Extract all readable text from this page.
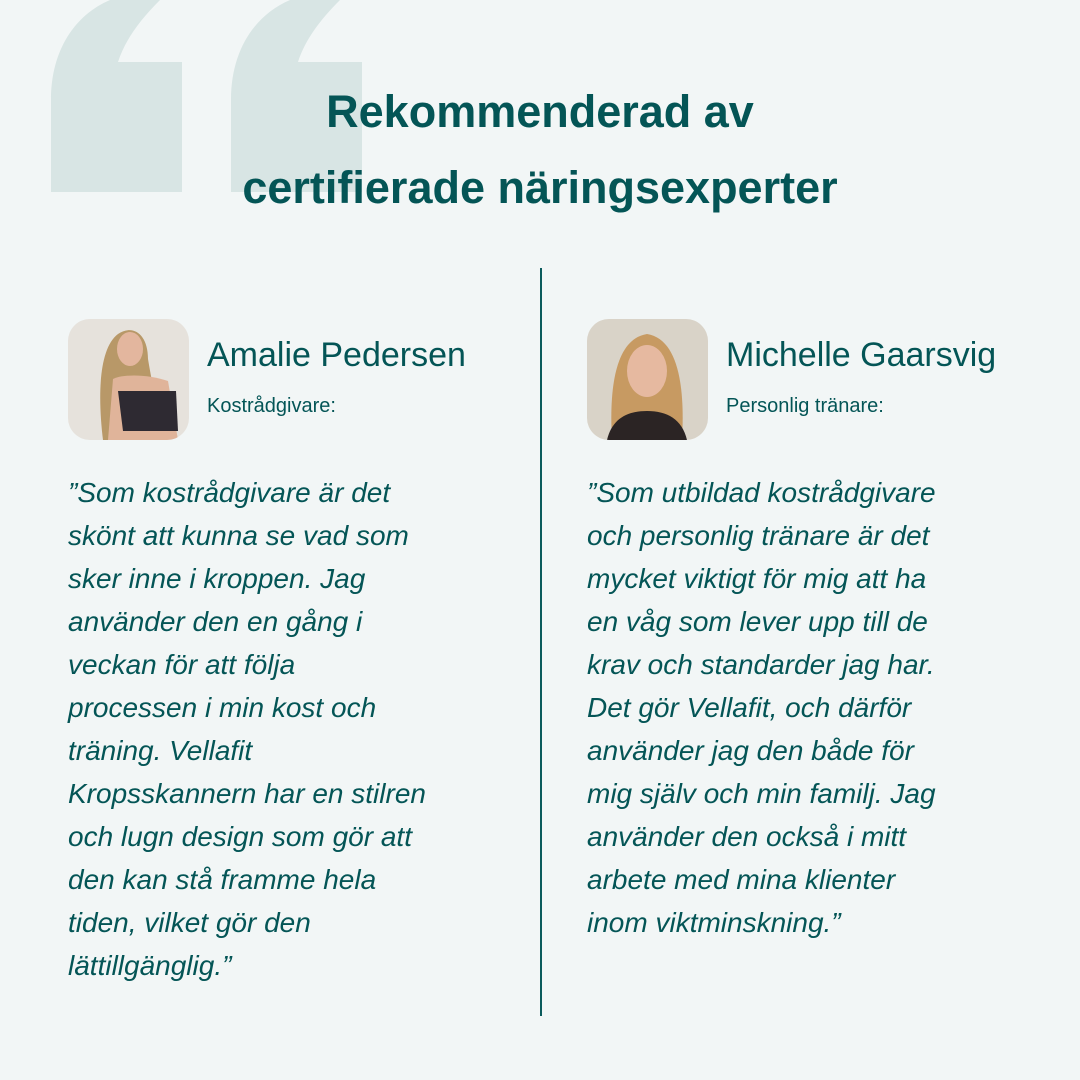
Rekommenderad av
certifierade näringsexperter
Amalie Pedersen
Kostrådgivare:
”Som kostrådgivare är det
skönt att kunna se vad som
sker inne i kroppen. Jag
använder den en gång i
veckan för att följa
processen i min kost och
träning. Vellafit
Kropsskannern har en stilren
och lugn design som gör att
den kan stå framme hela
tiden, vilket gör den
lättillgänglig.”
Michelle Gaarsvig
Personlig tränare:
”Som utbildad kostrådgivare
och personlig tränare är det
mycket viktigt för mig att ha
en våg som lever upp till de
krav och standarder jag har.
Det gör Vellafit, och därför
använder jag den både för
mig själv och min familj. Jag
använder den också i mitt
arbete med mina klienter
inom viktminskning.”
